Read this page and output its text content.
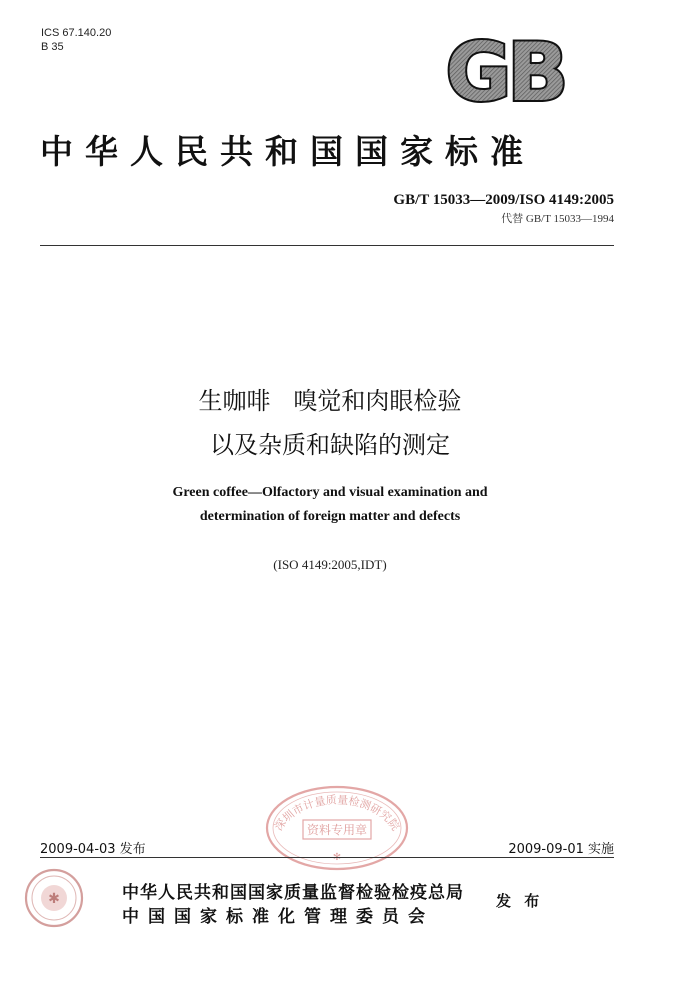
ICS 67.140.20
B 35	GB
中华人民共和国国家标准
GB/T 15033—2009/ISO 4149:2005
代替 GB/T 15033—1994
生咖啡   嗅觉和肉眼检验
以及杂质和缺陷的测定
Green coffee—Olfactory and visual examination and
determination of foreign matter and defects
(ISO 4149:2005,IDT)
深圳市计量质量检测研究院
资料专用章
✻
2009-04-03 发布	2009-09-01 实施
✱	中华人民共和国国家质量监督检验检疫总局
中国国家标准化管理委员会
发 布
